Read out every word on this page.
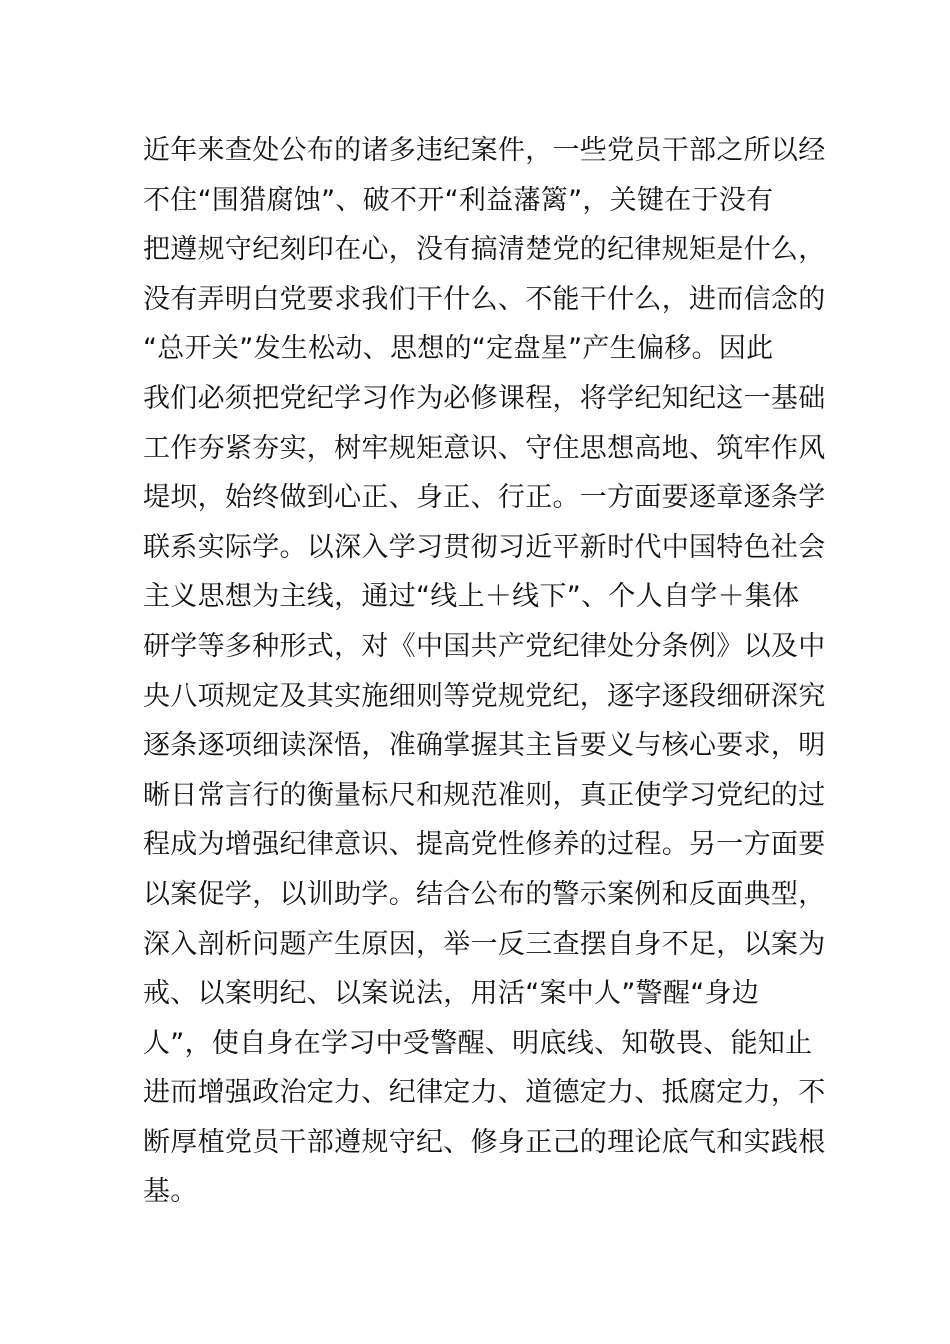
近年来查处公布的诸多违纪案件，一些党员干部之所以经
不住“围猎腐蚀”、破不开“利益藩篱”，关键在于没有
把遵规守纪刻印在心，没有搞清楚党的纪律规矩是什么，
没有弄明白党要求我们干什么、不能干什么，进而信念的
“总开关”发生松动、思想的“定盘星”产生偏移。因此
我们必须把党纪学习作为必修课程，将学纪知纪这一基础
工作夯紧夯实，树牢规矩意识、守住思想高地、筑牢作风
堤坝，始终做到心正、身正、行正。一方面要逐章逐条学
联系实际学。以深入学习贯彻习近平新时代中国特色社会
主义思想为主线，通过“线上＋线下”、个人自学＋集体
研学等多种形式，对《中国共产党纪律处分条例》以及中
央八项规定及其实施细则等党规党纪，逐字逐段细研深究
逐条逐项细读深悟，准确掌握其主旨要义与核心要求，明
晰日常言行的衡量标尺和规范准则，真正使学习党纪的过
程成为增强纪律意识、提高党性修养的过程。另一方面要
以案促学，以训助学。结合公布的警示案例和反面典型，
深入剖析问题产生原因，举一反三查摆自身不足，以案为
戒、以案明纪、以案说法，用活“案中人”警醒“身边
人”，使自身在学习中受警醒、明底线、知敬畏、能知止
进而增强政治定力、纪律定力、道德定力、抵腐定力，不
断厚植党员干部遵规守纪、修身正己的理论底气和实践根
基。
